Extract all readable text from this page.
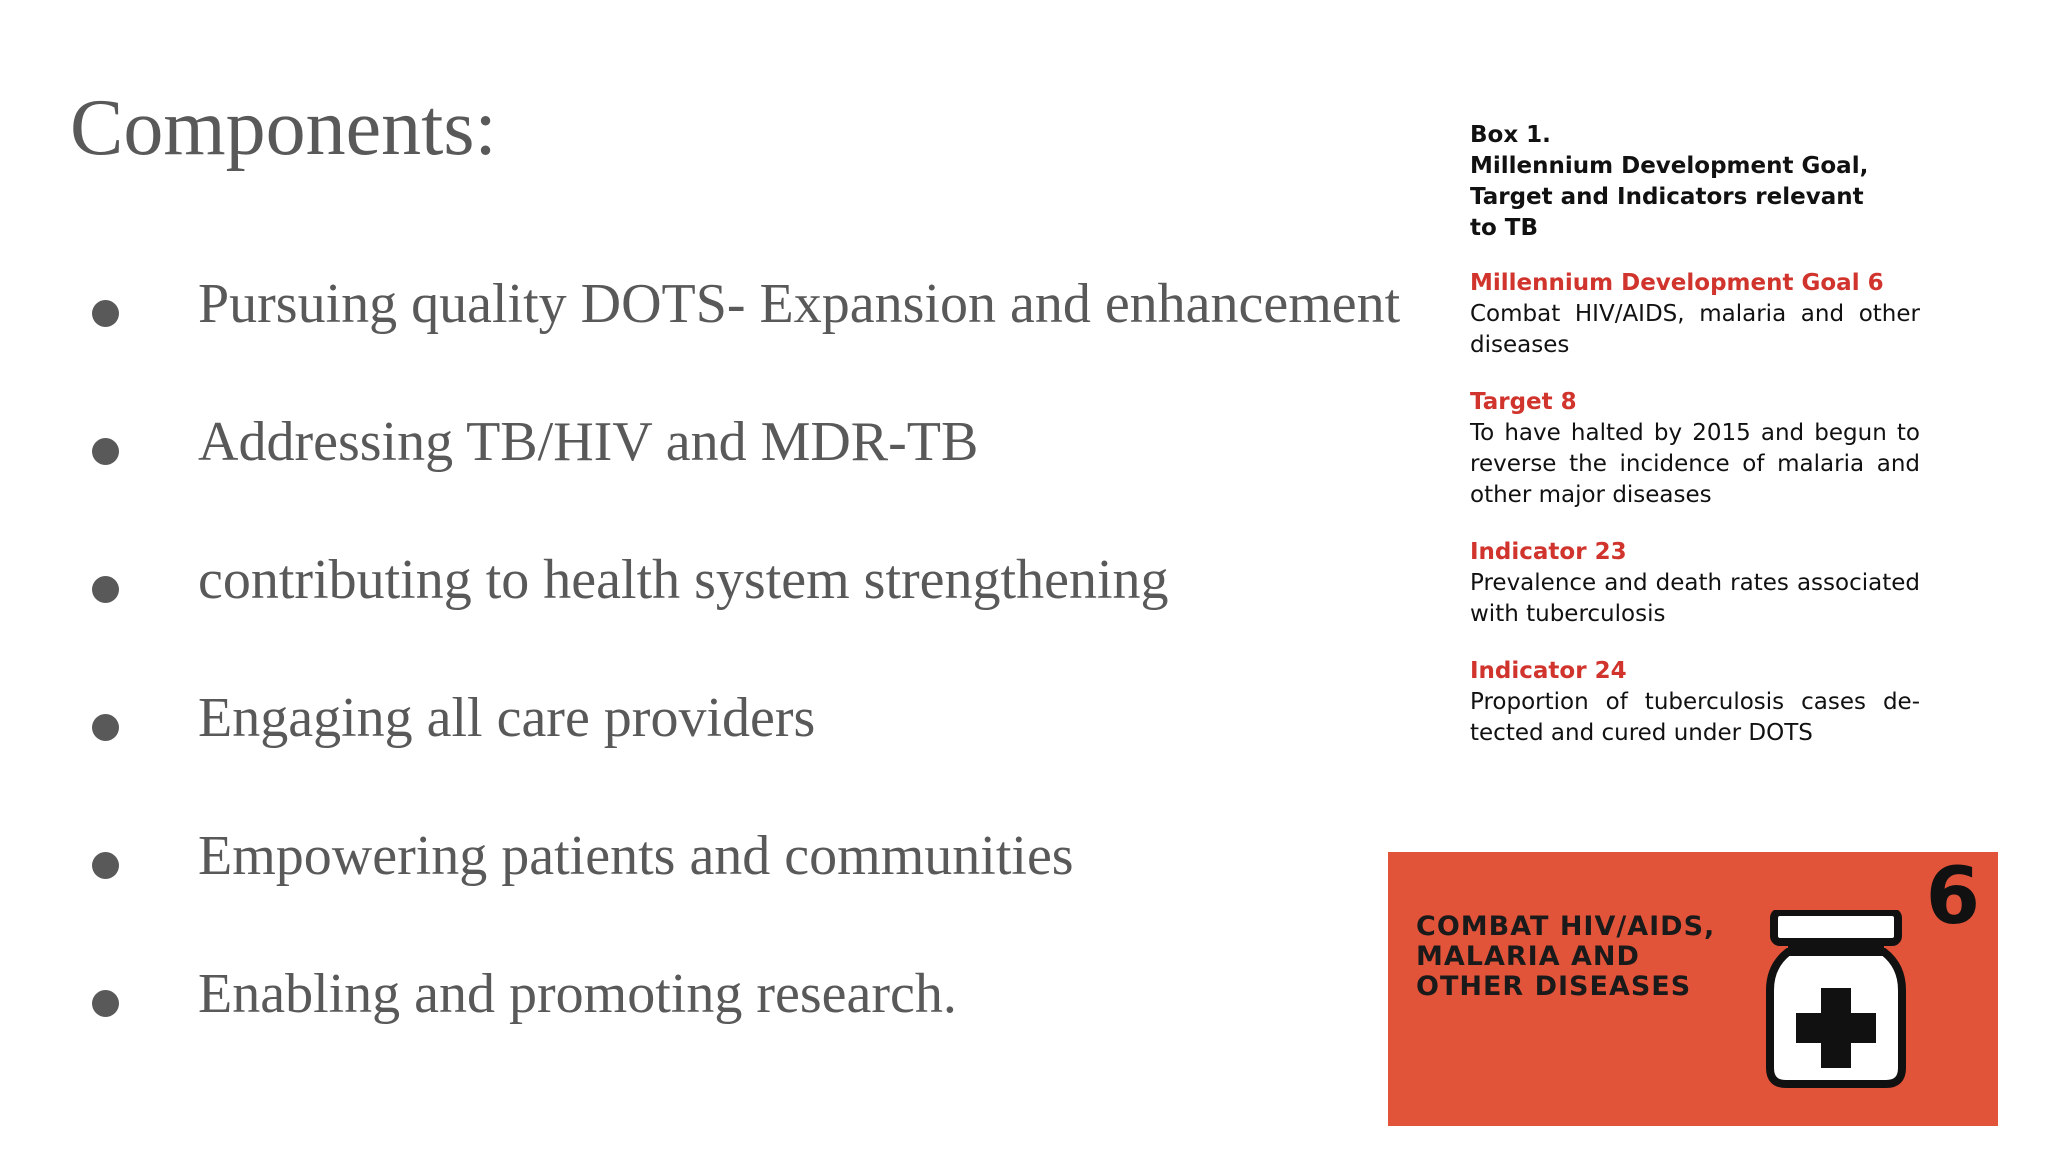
Components:
Pursuing quality DOTS- Expansion and enhancement
Addressing TB/HIV and MDR-TB
contributing to health system strengthening
Engaging all care providers
Empowering patients and communities
Enabling and promoting research.

Box 1.
Millennium Development Goal, Target and Indicators relevant to TB

Millennium Development Goal 6

Combat HIV/AIDS, malaria and other diseases

Target 8

To have halted by 2015 and begun to reverse the incidence of malaria and other major diseases

Indicator 23

Prevalence and death rates associated with tuberculosis

Indicator 24

Proportion of tuberculosis cases de-tected and cured under DOTS

6

COMBAT HIV/AIDS, MALARIA AND OTHER DISEASES
